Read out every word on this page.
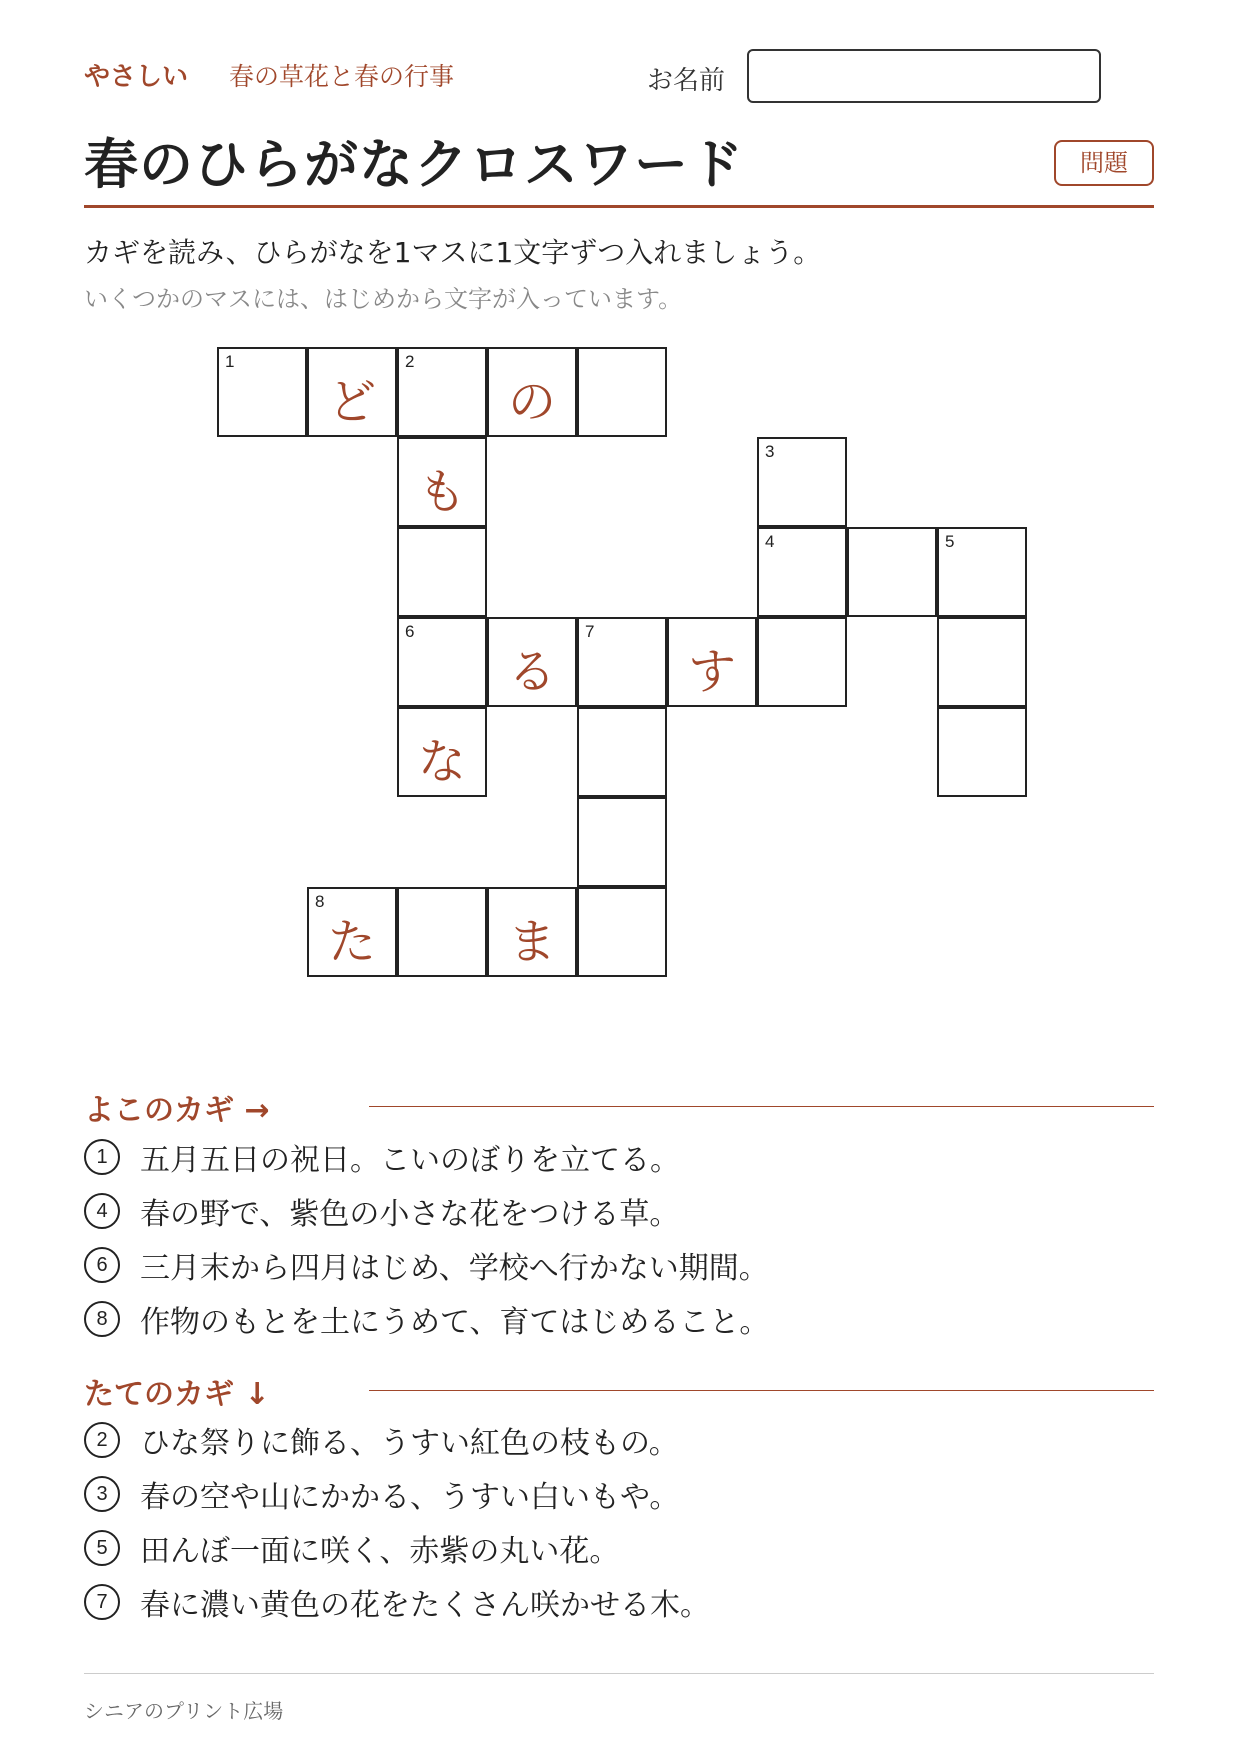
やさしい 春の草花と春の行事	お名前
春のひらがなクロスワード	問題
カギを読み、ひらがなを1マスに1文字ずつ入れましょう。
いくつかのマスには、はじめから文字が入っています。
1
ど
2
の
も
3
4	5
6
る
7
す
な
8
た	ま
よこのカギ →
1 五月五日の祝日。こいのぼりを立てる。
4 春の野で、紫色の小さな花をつける草。
6 三月末から四月はじめ、学校へ行かない期間。
8 作物のもとを土にうめて、育てはじめること。
たてのカギ ↓
2 ひな祭りに飾る、うすい紅色の枝もの。
3 春の空や山にかかる、うすい白いもや。
5 田んぼ一面に咲く、赤紫の丸い花。
7 春に濃い黄色の花をたくさん咲かせる木。
シニアのプリント広場
